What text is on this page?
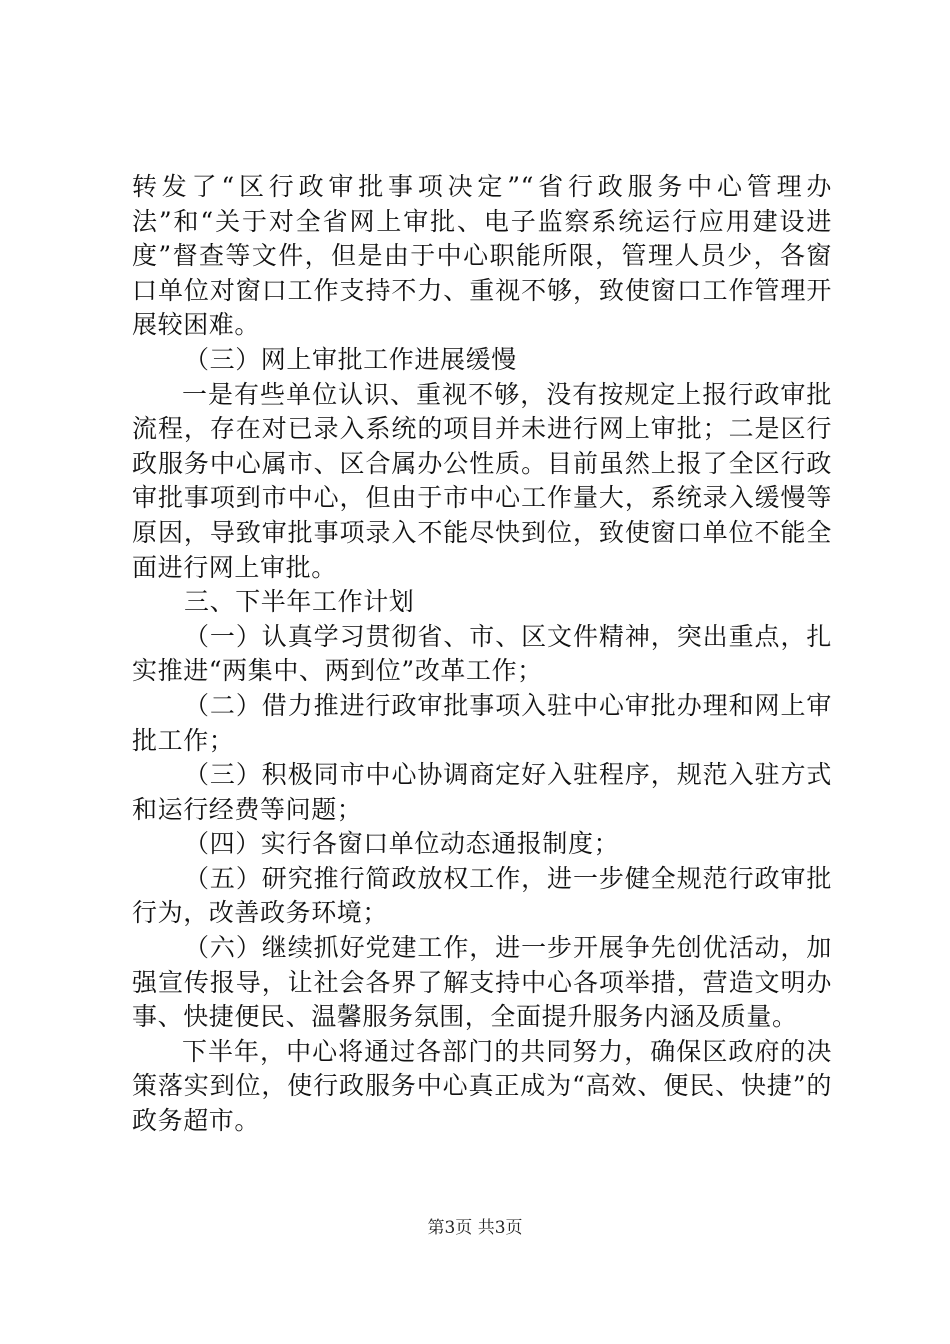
转发了“区行政审批事项决定”“省行政服务中心管理办法”和“关于对全省网上审批、电子监察系统运行应用建设进度”督查等文件，但是由于中心职能所限，管理人员少，各窗口单位对窗口工作支持不力、重视不够，致使窗口工作管理开展较困难。

（三）网上审批工作进展缓慢

一是有些单位认识、重视不够，没有按规定上报行政审批流程，存在对已录入系统的项目并未进行网上审批；二是区行政服务中心属市、区合属办公性质。目前虽然上报了全区行政审批事项到市中心，但由于市中心工作量大，系统录入缓慢等原因，导致审批事项录入不能尽快到位，致使窗口单位不能全面进行网上审批。

三、下半年工作计划

（一）认真学习贯彻省、市、区文件精神，突出重点，扎实推进“两集中、两到位”改革工作；

（二）借力推进行政审批事项入驻中心审批办理和网上审批工作；

（三）积极同市中心协调商定好入驻程序，规范入驻方式和运行经费等问题；

（四）实行各窗口单位动态通报制度；

（五）研究推行简政放权工作，进一步健全规范行政审批行为，改善政务环境；

（六）继续抓好党建工作，进一步开展争先创优活动，加强宣传报导，让社会各界了解支持中心各项举措，营造文明办事、快捷便民、温馨服务氛围，全面提升服务内涵及质量。

下半年，中心将通过各部门的共同努力，确保区政府的决策落实到位，使行政服务中心真正成为“高效、便民、快捷”的政务超市。

第3页 共3页
